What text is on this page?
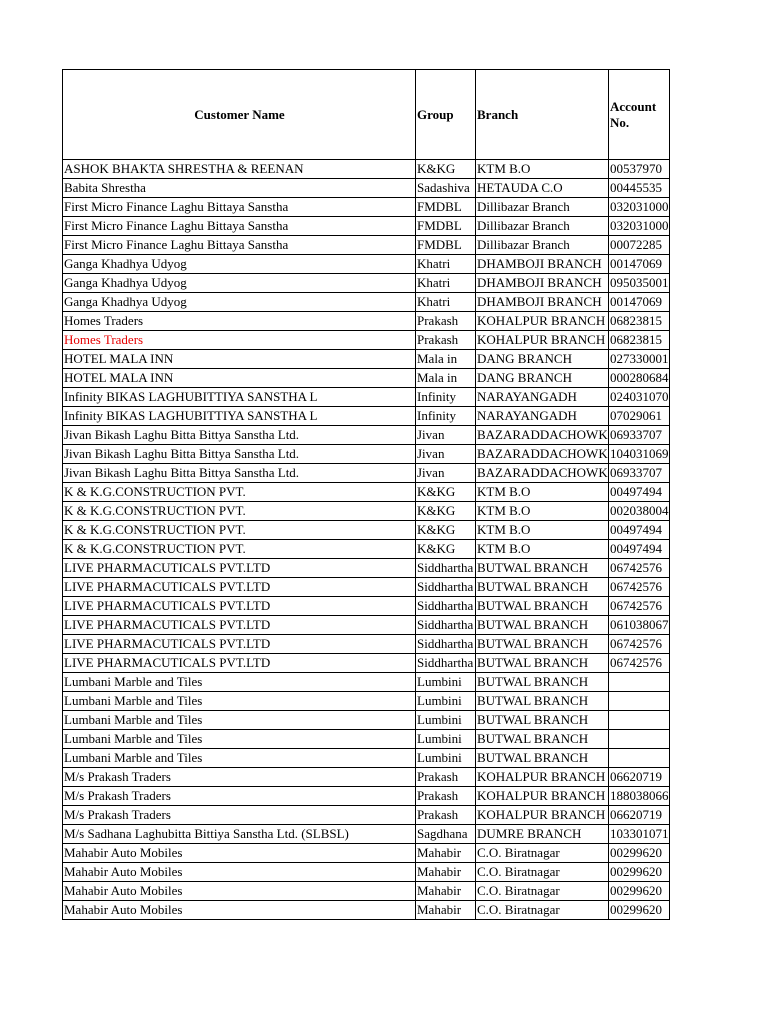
Customer Name	Group	Branch	Account No.
ASHOK BHAKTA SHRESTHA & REENAN	K&KG	KTM B.O	00537970
Babita Shrestha	Sadashiva	HETAUDA C.O	00445535
First Micro Finance Laghu Bittaya Sanstha	FMDBL	Dillibazar Branch	032031000
First Micro Finance Laghu Bittaya Sanstha	FMDBL	Dillibazar Branch	032031000
First Micro Finance Laghu Bittaya Sanstha	FMDBL	Dillibazar Branch	00072285
Ganga Khadhya Udyog	Khatri	DHAMBOJI BRANCH	00147069
Ganga Khadhya Udyog	Khatri	DHAMBOJI BRANCH	095035001
Ganga Khadhya Udyog	Khatri	DHAMBOJI BRANCH	00147069
Homes Traders	Prakash	KOHALPUR BRANCH	06823815
Homes Traders	Prakash	KOHALPUR BRANCH	06823815
HOTEL MALA INN	Mala in	DANG BRANCH	027330001
HOTEL MALA INN	Mala in	DANG BRANCH	000280684
Infinity BIKAS LAGHUBITTIYA SANSTHA L	Infinity	NARAYANGADH	024031070
Infinity BIKAS LAGHUBITTIYA SANSTHA L	Infinity	NARAYANGADH	07029061
Jivan Bikash Laghu Bitta Bittya Sanstha Ltd.	Jivan	BAZARADDACHOWK	06933707
Jivan Bikash Laghu Bitta Bittya Sanstha Ltd.	Jivan	BAZARADDACHOWK	104031069
Jivan Bikash Laghu Bitta Bittya Sanstha Ltd.	Jivan	BAZARADDACHOWK	06933707
K & K.G.CONSTRUCTION PVT.	K&KG	KTM B.O	00497494
K & K.G.CONSTRUCTION PVT.	K&KG	KTM B.O	002038004
K & K.G.CONSTRUCTION PVT.	K&KG	KTM B.O	00497494
K & K.G.CONSTRUCTION PVT.	K&KG	KTM B.O	00497494
LIVE PHARMACUTICALS PVT.LTD	Siddhartha	BUTWAL BRANCH	06742576
LIVE PHARMACUTICALS PVT.LTD	Siddhartha	BUTWAL BRANCH	06742576
LIVE PHARMACUTICALS PVT.LTD	Siddhartha	BUTWAL BRANCH	06742576
LIVE PHARMACUTICALS PVT.LTD	Siddhartha	BUTWAL BRANCH	061038067
LIVE PHARMACUTICALS PVT.LTD	Siddhartha	BUTWAL BRANCH	06742576
LIVE PHARMACUTICALS PVT.LTD	Siddhartha	BUTWAL BRANCH	06742576
Lumbani Marble and Tiles	Lumbini	BUTWAL BRANCH	
Lumbani Marble and Tiles	Lumbini	BUTWAL BRANCH	
Lumbani Marble and Tiles	Lumbini	BUTWAL BRANCH	
Lumbani Marble and Tiles	Lumbini	BUTWAL BRANCH	
Lumbani Marble and Tiles	Lumbini	BUTWAL BRANCH	
M/s Prakash Traders	Prakash	KOHALPUR BRANCH	06620719
M/s Prakash Traders	Prakash	KOHALPUR BRANCH	188038066
M/s Prakash Traders	Prakash	KOHALPUR BRANCH	06620719
M/s Sadhana Laghubitta Bittiya Sanstha Ltd. (SLBSL)	Sagdhana	DUMRE BRANCH	103301071
Mahabir Auto Mobiles	Mahabir	C.O. Biratnagar	00299620
Mahabir Auto Mobiles	Mahabir	C.O. Biratnagar	00299620
Mahabir Auto Mobiles	Mahabir	C.O. Biratnagar	00299620
Mahabir Auto Mobiles	Mahabir	C.O. Biratnagar	00299620
